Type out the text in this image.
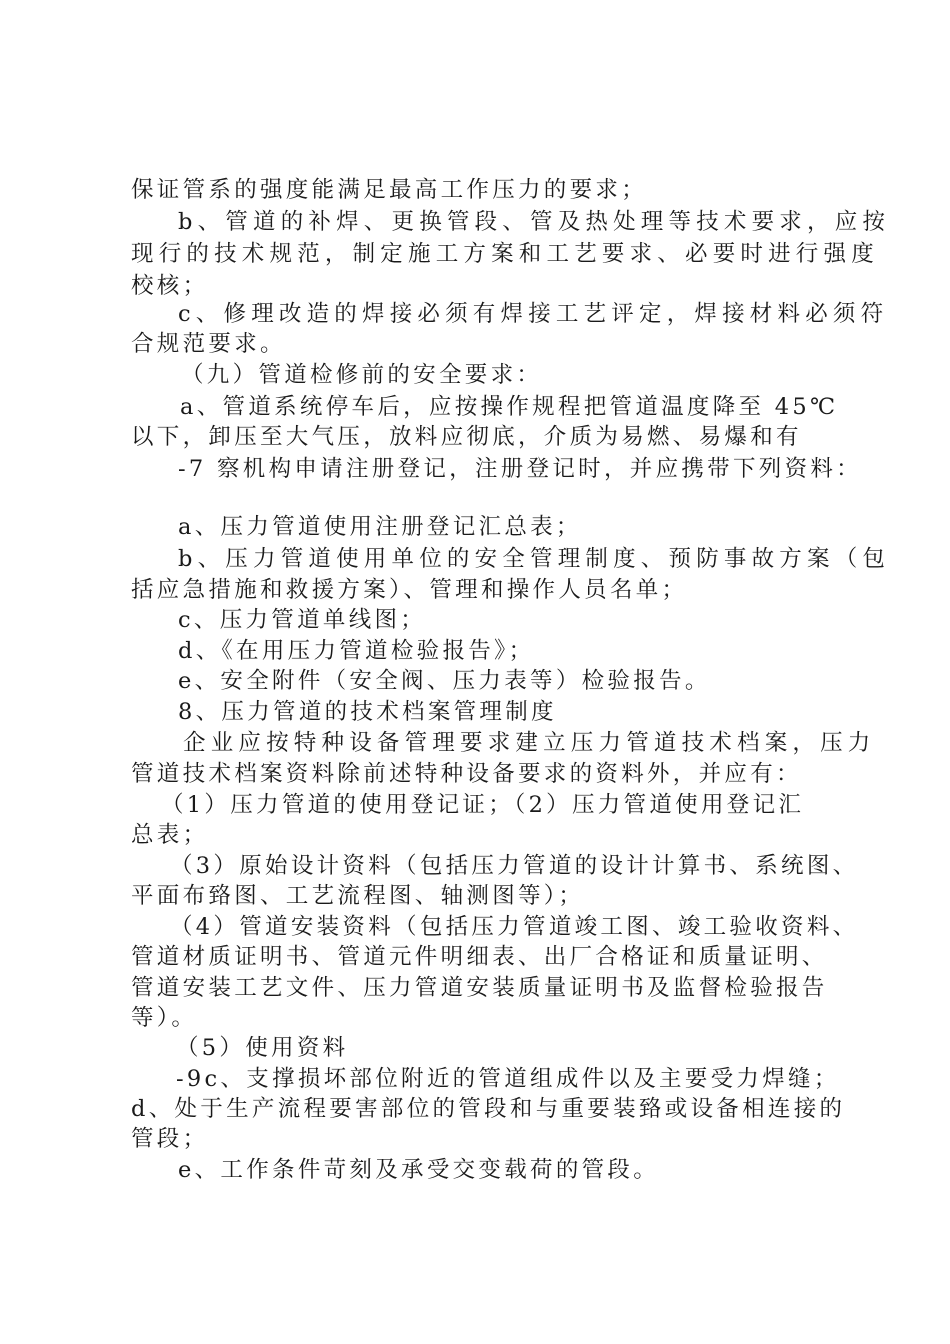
保证管系的强度能满足最高工作压力的要求；
b、管道的补焊、更换管段、管及热处理等技术要求，应按
现行的技术规范，制定施工方案和工艺要求、必要时进行强度
校核；
c、修理改造的焊接必须有焊接工艺评定，焊接材料必须符
合规范要求。
（九）管道检修前的安全要求：
a、管道系统停车后，应按操作规程把管道温度降至 45℃
以下，卸压至大气压，放料应彻底，介质为易燃、易爆和有
-7 察机构申请注册登记，注册登记时，并应携带下列资料：
a、压力管道使用注册登记汇总表；
b、压力管道使用单位的安全管理制度、预防事故方案（包
括应急措施和救援方案）、管理和操作人员名单；
c、压力管道单线图；
d、《在用压力管道检验报告》；
e、安全附件（安全阀、压力表等）检验报告。
8、压力管道的技术档案管理制度
企业应按特种设备管理要求建立压力管道技术档案，压力
管道技术档案资料除前述特种设备要求的资料外，并应有：
（1）压力管道的使用登记证；（2）压力管道使用登记汇
总表；
（3）原始设计资料（包括压力管道的设计计算书、系统图、
平面布臵图、工艺流程图、轴测图等）；
（4）管道安装资料（包括压力管道竣工图、竣工验收资料、
管道材质证明书、管道元件明细表、出厂合格证和质量证明、
管道安装工艺文件、压力管道安装质量证明书及监督检验报告
等）。
（5）使用资料
-9c、支撑损坏部位附近的管道组成件以及主要受力焊缝；
d、处于生产流程要害部位的管段和与重要装臵或设备相连接的
管段；
e、工作条件苛刻及承受交变载荷的管段。
